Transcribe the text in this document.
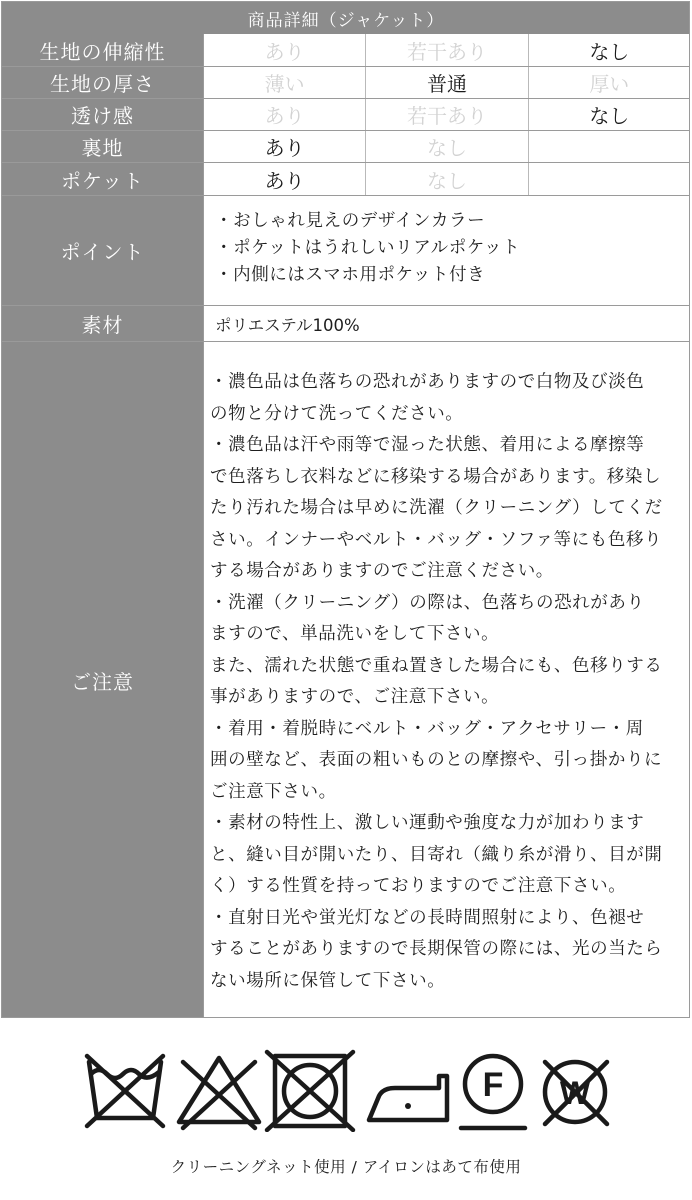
商品詳細（ジャケット）
生地の伸縮性	あり	若干あり	なし
生地の厚さ	薄い	普通	厚い
透け感	あり	若干あり	なし
裏地	あり	なし
ポケット	あり	なし
ポイント

・おしゃれ見えのデザインカラー

・ポケットはうれしいリアルポケット

・内側にはスマホ用ポケット付き

素材	ポリエステル100%
ご注意

・濃色品は色落ちの恐れがありますので白物及び淡色

の物と分けて洗ってください。

・濃色品は汗や雨等で湿った状態、着用による摩擦等

で色落ちし衣料などに移染する場合があります。移染し

たり汚れた場合は早めに洗濯（クリーニング）してくだ

さい。インナーやベルト・バッグ・ソファ等にも色移り

する場合がありますのでご注意ください。

・洗濯（クリーニング）の際は、色落ちの恐れがあり

ますので、単品洗いをして下さい。

また、濡れた状態で重ね置きした場合にも、色移りする

事がありますので、ご注意下さい。

・着用・着脱時にベルト・バッグ・アクセサリー・周

囲の壁など、表面の粗いものとの摩擦や、引っ掛かりに

ご注意下さい。

・素材の特性上、激しい運動や強度な力が加わります

と、縫い目が開いたり、目寄れ（織り糸が滑り、目が開

く）する性質を持っておりますのでご注意下さい。

・直射日光や蛍光灯などの長時間照射により、色褪せ

することがありますので長期保管の際には、光の当たら

ない場所に保管して下さい。

F W
クリーニングネット使用 / アイロンはあて布使用
